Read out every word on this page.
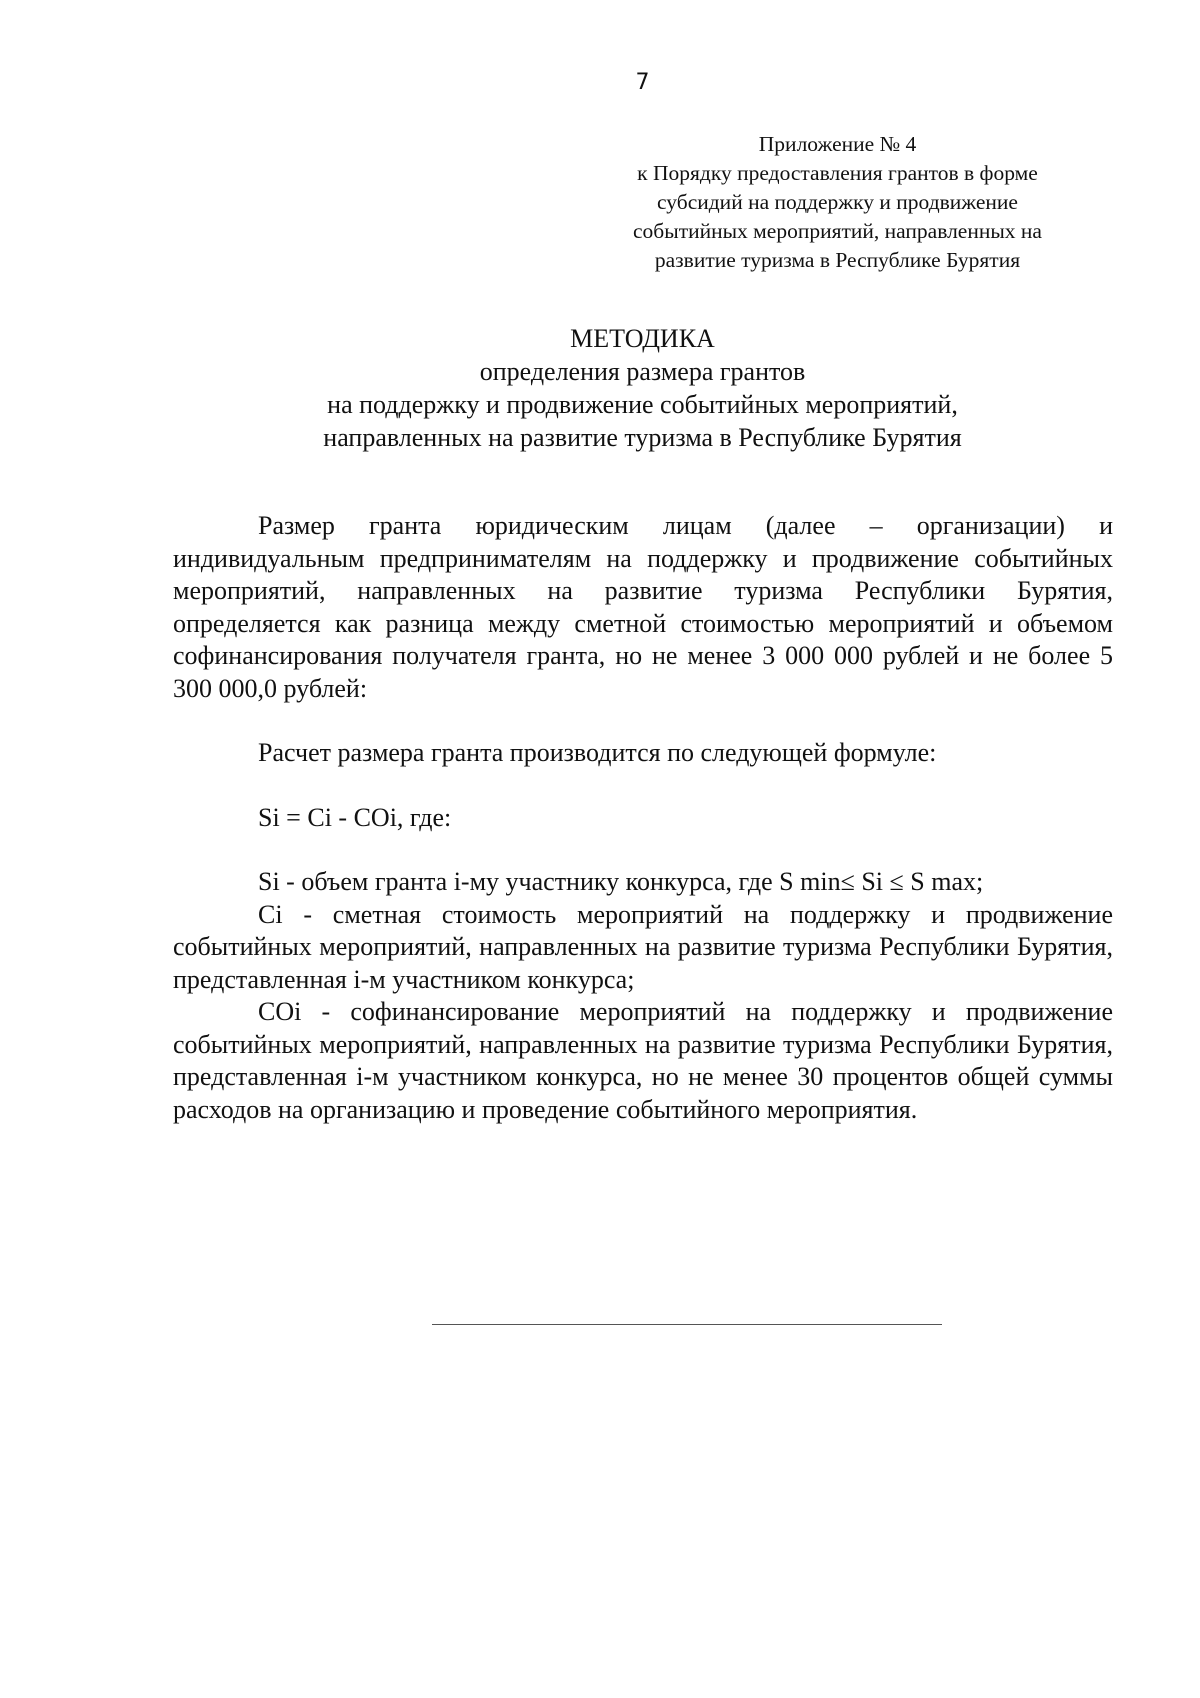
7
Приложение № 4
к Порядку предоставления грантов в форме
субсидий на поддержку и продвижение
событийных мероприятий, направленных на
развитие туризма в Республике Бурятия
МЕТОДИКА
определения размера грантов
на поддержку и продвижение событийных мероприятий,
направленных на развитие туризма в Республике Бурятия

Размер гранта юридическим лицам (далее – организации) и индивидуальным предпринимателям на поддержку и продвижение событийных мероприятий, направленных на развитие туризма Республики Бурятия, определяется как разница между сметной стоимостью мероприятий и объемом софинансирования получателя гранта, но не менее 3 000 000 рублей и не более 5 300 000,0 рублей:

Расчет размера гранта производится по следующей формуле:

Si = Ci - COi, где:

Si - объем гранта i-му участнику конкурса, где S min≤ Si ≤ S max;

Ci - сметная стоимость мероприятий на поддержку и продвижение событийных мероприятий, направленных на развитие туризма Республики Бурятия, представленная i-м участником конкурса;

COi - софинансирование мероприятий на поддержку и продвижение событийных мероприятий, направленных на развитие туризма Республики Бурятия, представленная i-м участником конкурса, но не менее 30 процентов общей суммы расходов на организацию и проведение событийного мероприятия.
